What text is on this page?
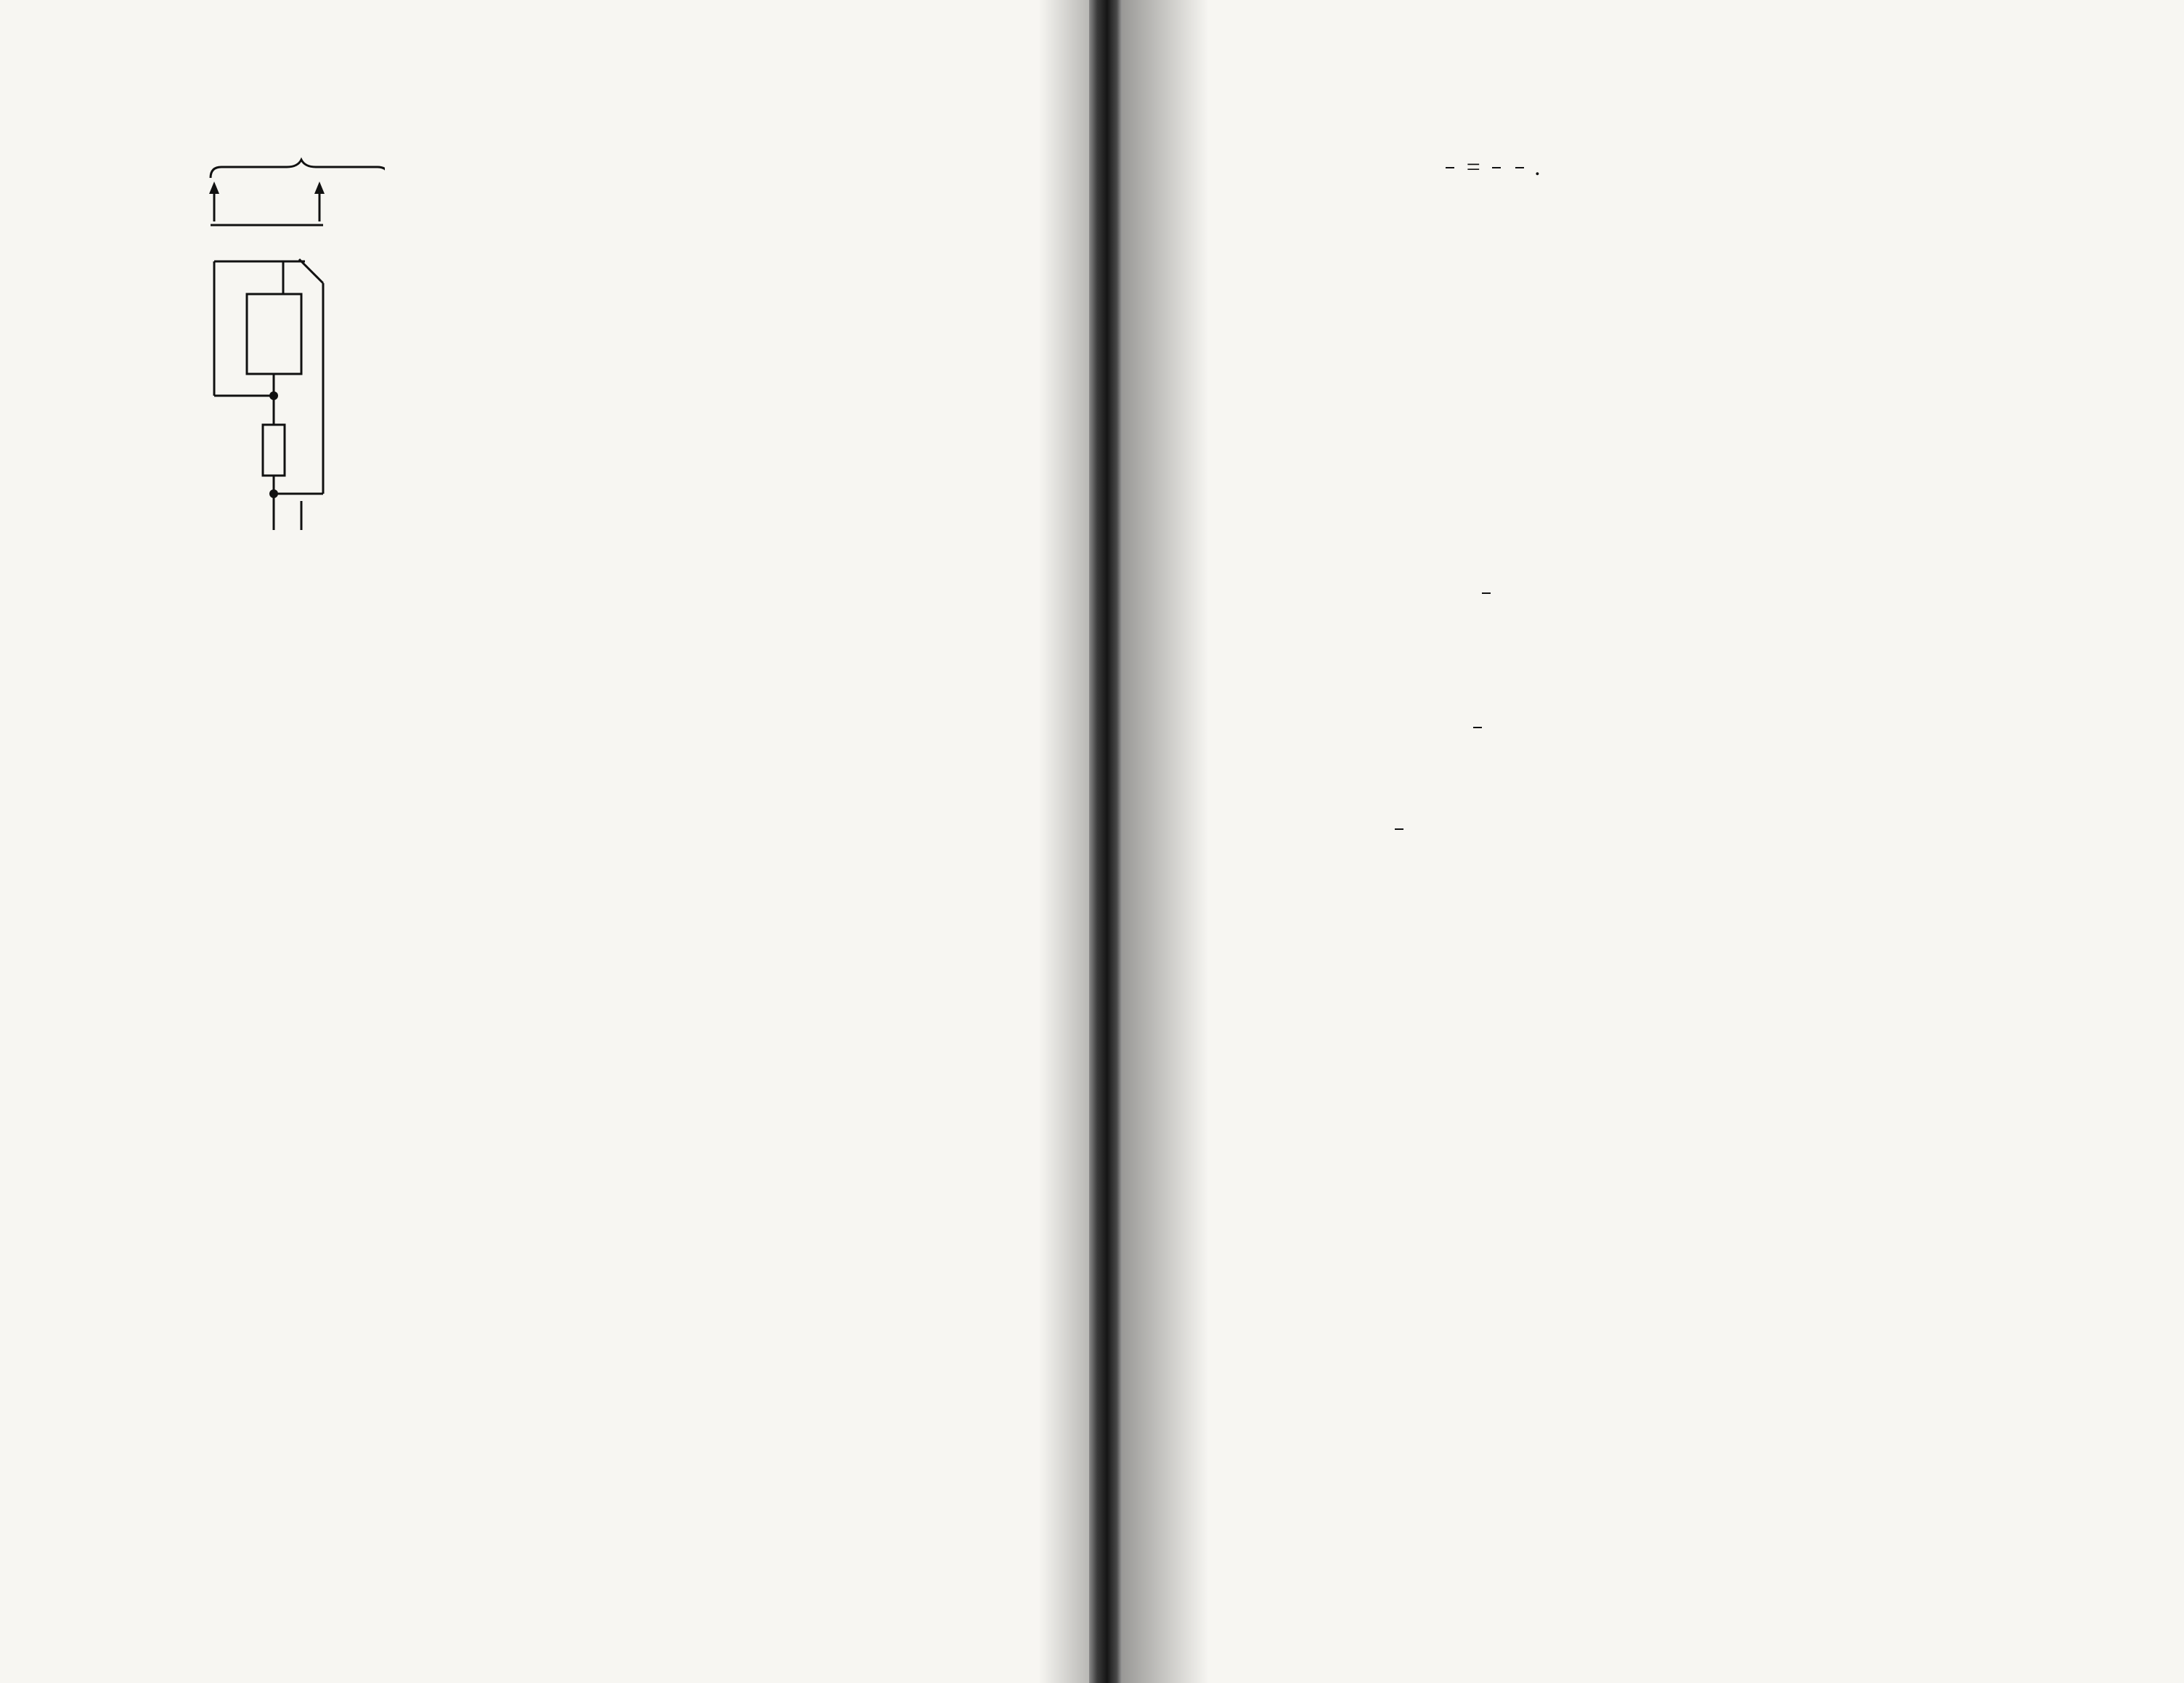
=
.
